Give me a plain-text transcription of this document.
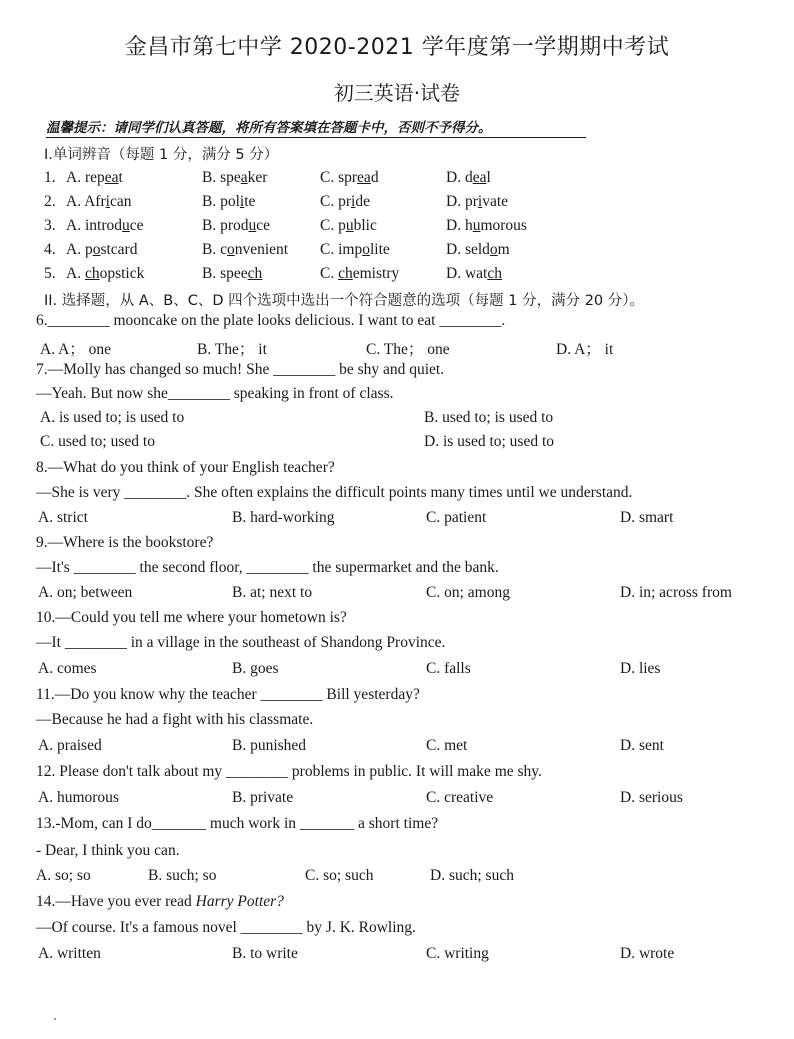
金昌市第七中学 2020-2021 学年度第一学期期中考试
初三英语·试卷
温馨提示：请同学们认真答题，将所有答案填在答题卡中，否则不予得分。
I.单词辨音（每题 1 分，满分 5 分）
1. A. repeat	B. speaker	C. spread	D. deal
2. A. African	B. polite	C. pride	D. private
3. A. introduce	B. produce	C. public	D. humorous
4. A. postcard	B. convenient C. impolite	D. seldom
5. A. chopstick	B. speech	C. chemistry	D. watch
II. 选择题，从 A、B、C、D 四个选项中选出一个符合题意的选项（每题 1 分，满分 20 分）。
6.________ mooncake on the plate looks delicious. I want to eat ________.
A. A； one	B. The； it	C. The； one	D. A； it
7.—Molly has changed so much! She ________ be shy and quiet.
—Yeah. But now she________ speaking in front of class.
A. is used to; is used to	B. used to; is used to
C. used to; used to	D. is used to; used to
8.—What do you think of your English teacher?
—She is very ________. She often explains the difficult points many times until we understand.
A. strict	B. hard-working	C. patient	D. smart
9.—Where is the bookstore?
—It's ________ the second floor, ________ the supermarket and the bank.
A. on; between	B. at; next to	C. on; among	D. in; across from
10.—Could you tell me where your hometown is?
—It ________ in a village in the southeast of Shandong Province.
A. comes	B. goes	C. falls	D. lies
11.—Do you know why the teacher ________ Bill yesterday?
—Because he had a fight with his classmate.
A. praised	B. punished	C. met	D. sent
12. Please don't talk about my ________ problems in public. It will make me shy.
A. humorous	B. private	C. creative	D. serious
13.-Mom, can I do_______ much work in _______ a short time?
- Dear, I think you can.
A. so; so	B. such; so	C. so; such	D. such; such
14.—Have you ever read Harry Potter?
—Of course. It's a famous novel ________ by J. K. Rowling.
A. written	B. to write	C. writing	D. wrote
